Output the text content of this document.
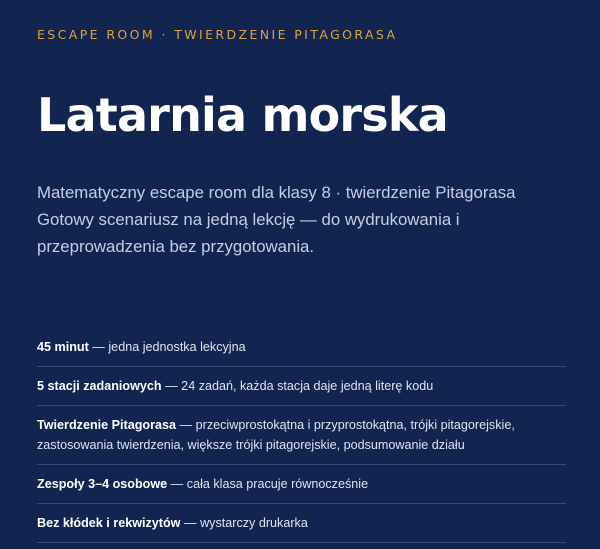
ESCAPE ROOM · TWIERDZENIE PITAGORASA
Latarnia morska

Matematyczny escape room dla klasy 8 · twierdzenie Pitagorasa
Gotowy scenariusz na jedną lekcję — do wydrukowania i
przeprowadzenia bez przygotowania.

45 minut — jedna jednostka lekcyjna
5 stacji zadaniowych — 24 zadań, każda stacja daje jedną literę kodu
Twierdzenie Pitagorasa — przeciwprostokątna i przyprostokątna, trójki pitagorejskie, zastosowania twierdzenia, większe trójki pitagorejskie, podsumowanie działu
Zespoły 3–4 osobowe — cała klasa pracuje równocześnie
Bez kłódek i rekwizytów — wystarczy drukarka
